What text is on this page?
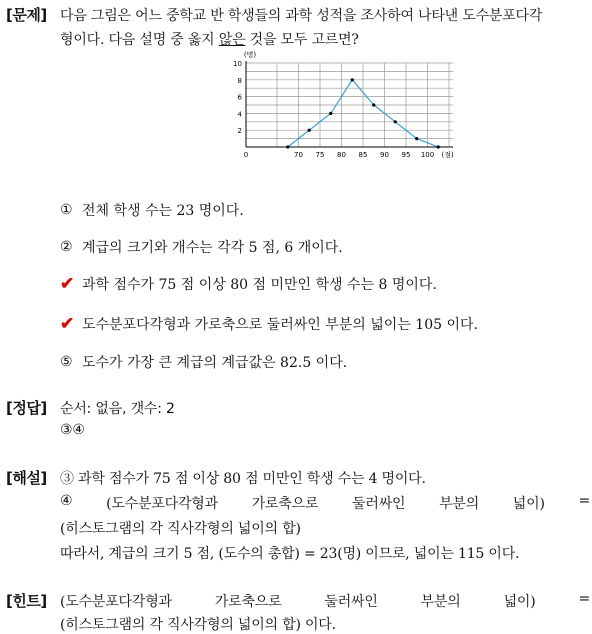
[문제] 다음 그림은 어느 중학교 반 학생들의 과학 성적을 조사하여 나타낸 도수분포다각
형이다. 다음 설명 중 옳지 않은 것을 모두 고르면?
2
4
6
8
10
(명)
0	70 75 80 85 90 95 100 (점)
① 전체 학생 수는 23 명이다.
② 계급의 크기와 개수는 각각 5 점, 6 개이다.
✔ 과학 점수가 75 점 이상 80 점 미만인 학생 수는 8 명이다.
✔ 도수분포다각형과 가로축으로 둘러싸인 부분의 넓이는 105 이다.
⑤ 도수가 가장 큰 계급의 계급값은 82.5 이다.
[정답] 순서: 없음, 갯수: 2
③④
[해설] ③ 과학 점수가 75 점 이상 80 점 미만인 학생 수는 4 명이다.
④ (도수분포다각형과 가로축으로 둘러싸인 부분의 넓이) =
(히스토그램의 각 직사각형의 넓이의 합)
따라서, 계급의 크기 5 점, (도수의 총합) = 23(명) 이므로, 넓이는 115 이다.
[힌트] (도수분포다각형과	가로축으로	둘러싸인	부분의	넓이)	=
(히스토그램의 각 직사각형의 넓이의 합) 이다.
